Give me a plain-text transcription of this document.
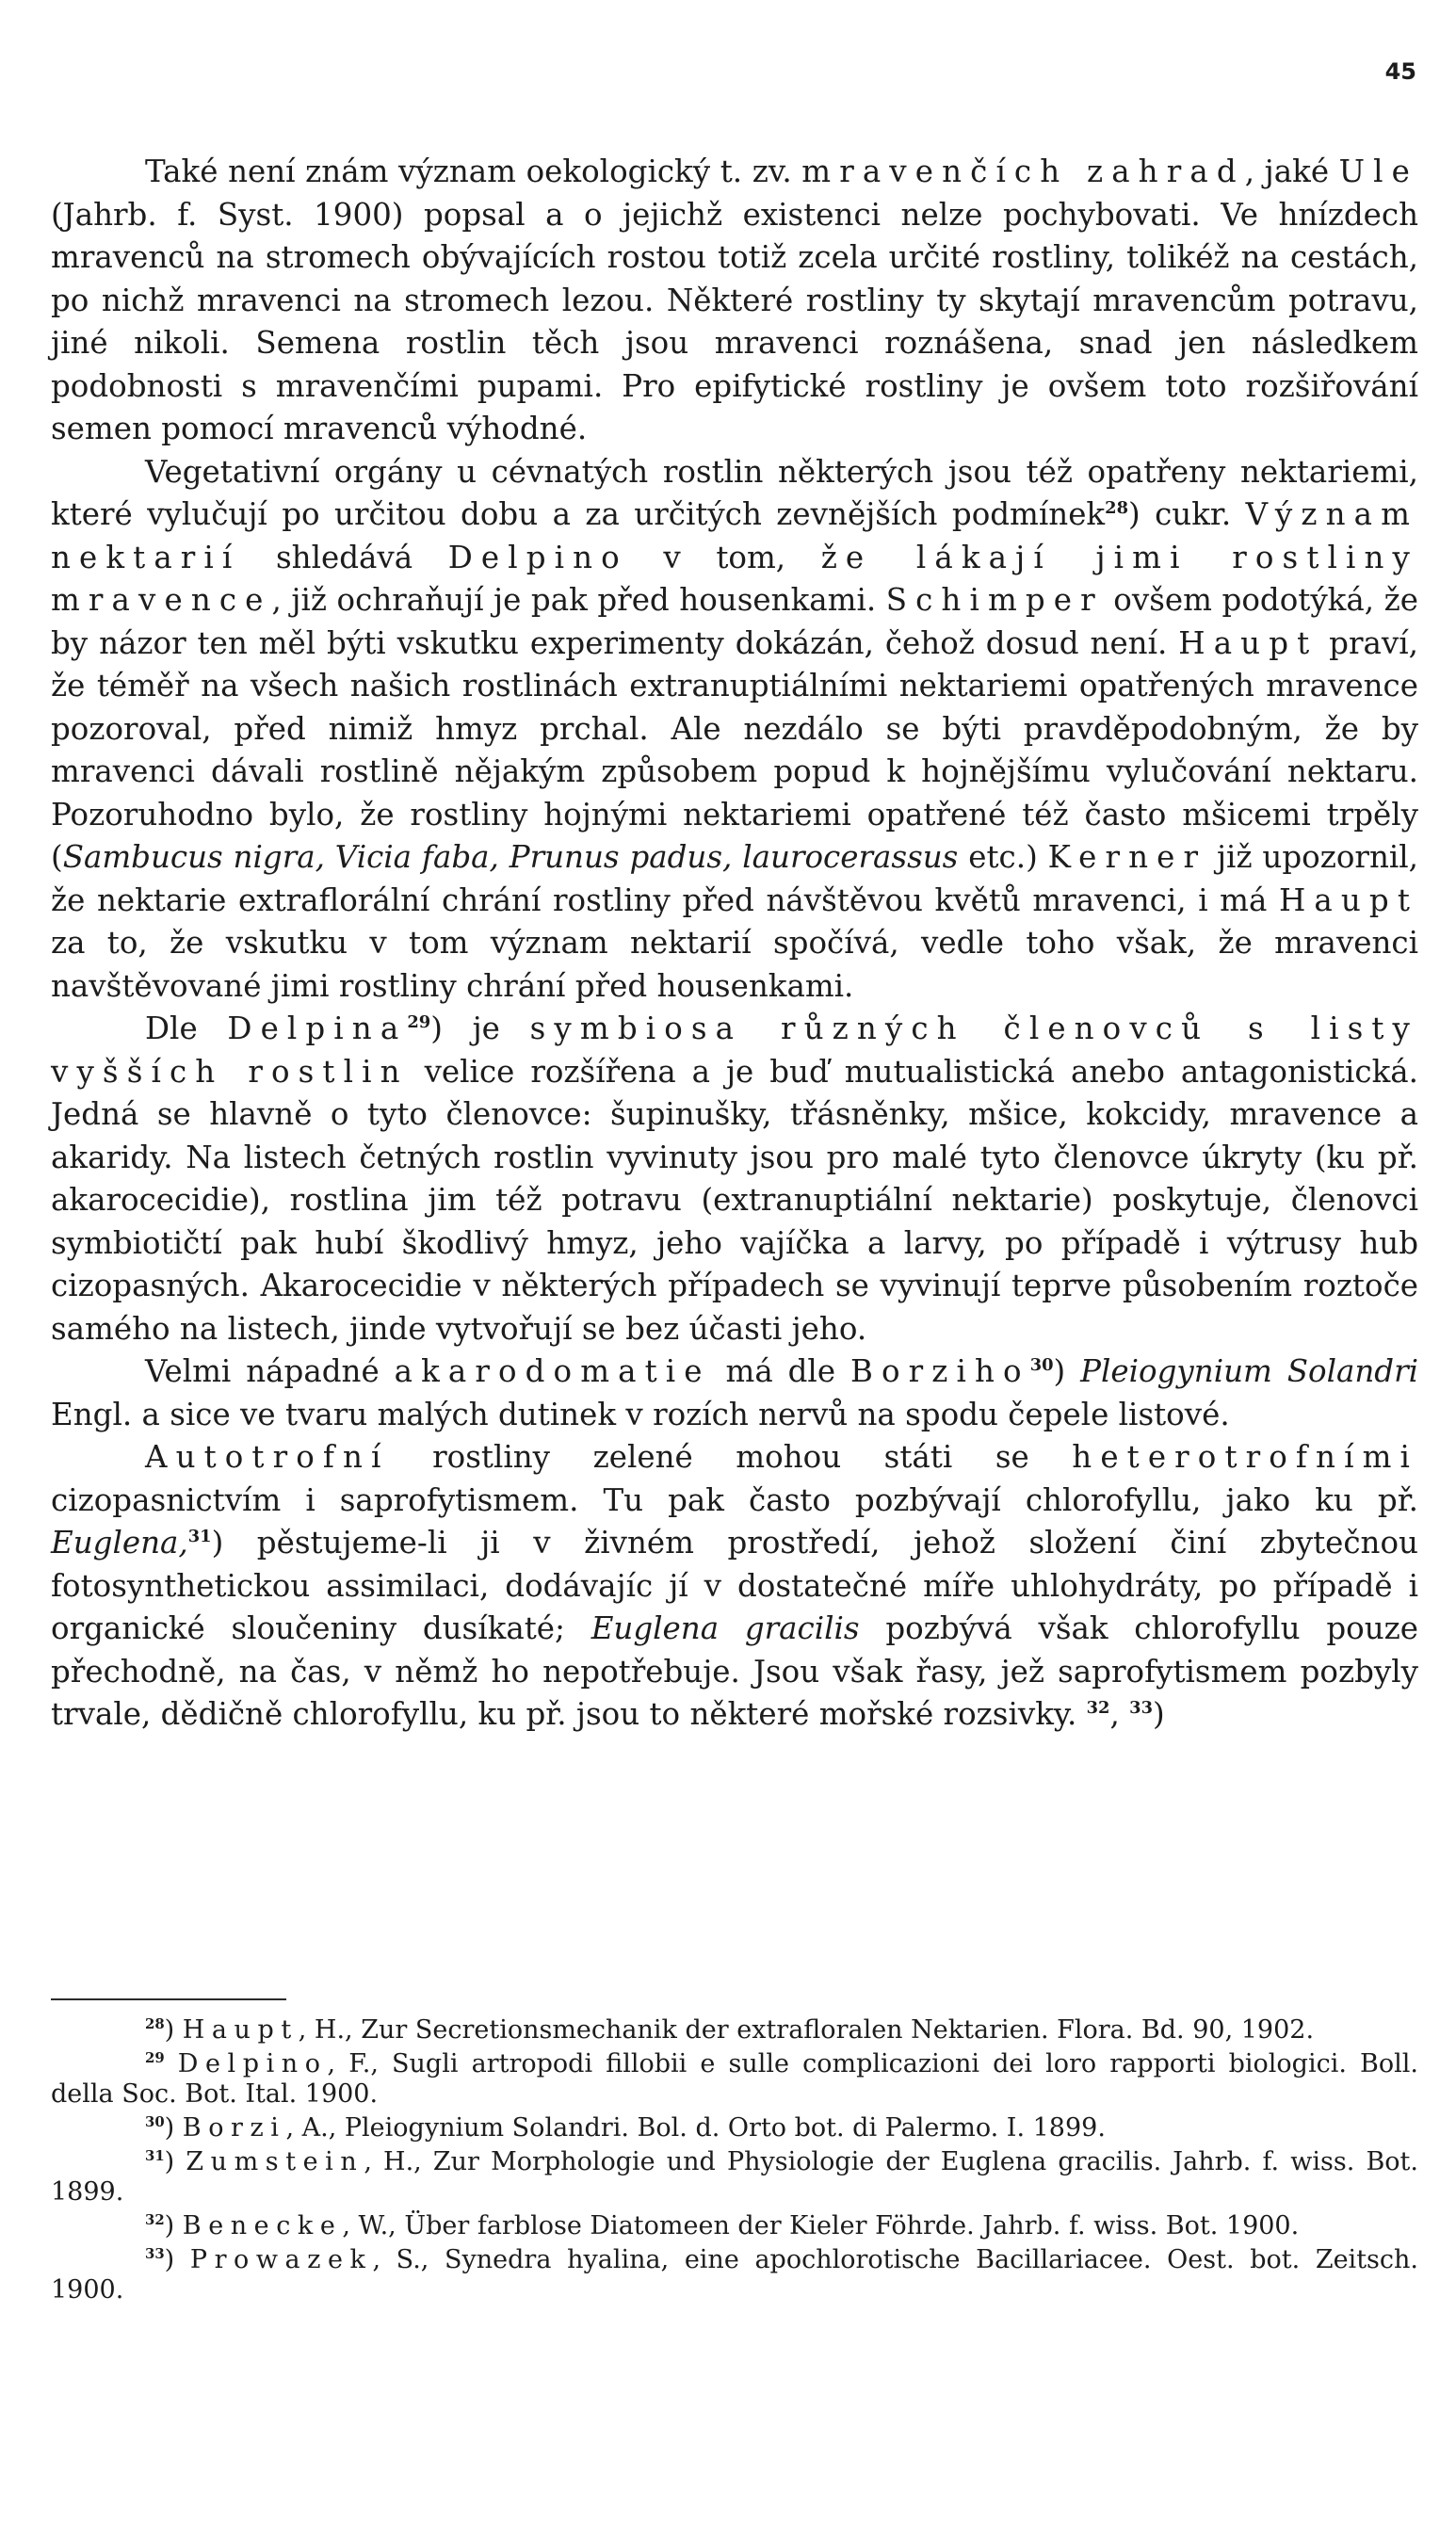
45

Také není znám význam oekologický t. zv. mravenčích zahrad, jaké Ule (Jahrb. f. Syst. 1900) popsal a o jejichž existenci nelze pochybovati. Ve hnízdech mravenců na stromech obývajících rostou totiž zcela určité rostliny, tolikéž na cestách, po nichž mravenci na stromech lezou. Některé rostliny ty skytají mravencům potravu, jiné nikoli. Semena rostlin těch jsou mravenci roznášena, snad jen následkem podobnosti s mravenčími pupami. Pro epifytické rostliny je ovšem toto rozšiřování semen pomocí mravenců výhodné.

Vegetativní orgány u cévnatých rostlin některých jsou též opatřeny nektariemi, které vylučují po určitou dobu a za určitých zevnějších podmínek$^{28}$) cukr. Význam nektarií shledává Delpino v tom, že lákají jimi rostliny mravence, již ochraňují je pak před housenkami. Schimper ovšem podotýká, že by názor ten měl býti vskutku experimenty dokázán, čehož dosud není. Haupt praví, že téměř na všech našich rostlinách extranuptiálními nektariemi opatřených mravence pozoroval, před nimiž hmyz prchal. Ale nezdálo se býti pravděpodobným, že by mravenci dávali rostlině nějakým způsobem popud k hojnějšímu vylučování nektaru. Pozoruhodno bylo, že rostliny hojnými nektariemi opatřené též často mšicemi trpěly (Sambucus nigra, Vicia faba, Prunus padus, laurocerassus etc.) Kerner již upozornil, že nektarie extraflorální chrání rostliny před návštěvou květů mravenci, i má Haupt za to, že vskutku v tom význam nektarií spočívá, vedle toho však, že mravenci navštěvované jimi rostliny chrání před housenkami.

Dle Delpina$^{29}$) je symbiosa různých členovců s listy vyšších rostlin velice rozšířena a je buď mutualistická anebo antagonistická. Jedná se hlavně o tyto členovce: šupinušky, třásněnky, mšice, kokcidy, mravence a akaridy. Na listech četných rostlin vyvinuty jsou pro malé tyto členovce úkryty (ku př. akarocecidie), rostlina jim též potravu (extranuptiální nektarie) poskytuje, členovci symbiotičtí pak hubí škodlivý hmyz, jeho vajíčka a larvy, po případě i výtrusy hub cizopasných. Akarocecidie v některých případech se vyvinují teprve působením roztoče samého na listech, jinde vytvořují se bez účasti jeho.

Velmi nápadné akarodomatie má dle Borziho$^{30}$) Pleiogynium Solandri Engl. a sice ve tvaru malých dutinek v rozích nervů na spodu čepele listové.

Autotrofní rostliny zelené mohou státi se heterotrofními cizopasnictvím i saprofytismem. Tu pak často pozbývají chlorofyllu, jako ku př. Euglena,$^{31}$) pěstujeme-li ji v živném prostředí, jehož složení činí zbytečnou fotosynthetickou assimilaci, dodávajíc jí v dostatečné míře uhlohydráty, po případě i organické sloučeniny dusíkaté; Euglena gracilis pozbývá však chlorofyllu pouze přechodně, na čas, v němž ho nepotřebuje. Jsou však řasy, jež saprofytismem pozbyly trvale, dědičně chlorofyllu, ku př. jsou to některé mořské rozsivky. $^{32}$, $^{33}$)

$^{28}$) Haupt, H., Zur Secretionsmechanik der extrafloralen Nektarien. Flora. Bd. 90, 1902.

$^{29}$ Delpino, F., Sugli artropodi fillobii e sulle complicazioni dei loro rapporti biologici. Boll. della Soc. Bot. Ital. 1900.

$^{30}$) Borzi, A., Pleiogynium Solandri. Bol. d. Orto bot. di Palermo. I. 1899.

$^{31}$) Zumstein, H., Zur Morphologie und Physiologie der Euglena gracilis. Jahrb. f. wiss. Bot. 1899.

$^{32}$) Benecke, W., Über farblose Diatomeen der Kieler Föhrde. Jahrb. f. wiss. Bot. 1900.

$^{33}$) Prowazek, S., Synedra hyalina, eine apochlorotische Bacillariacee. Oest. bot. Zeitsch. 1900.
